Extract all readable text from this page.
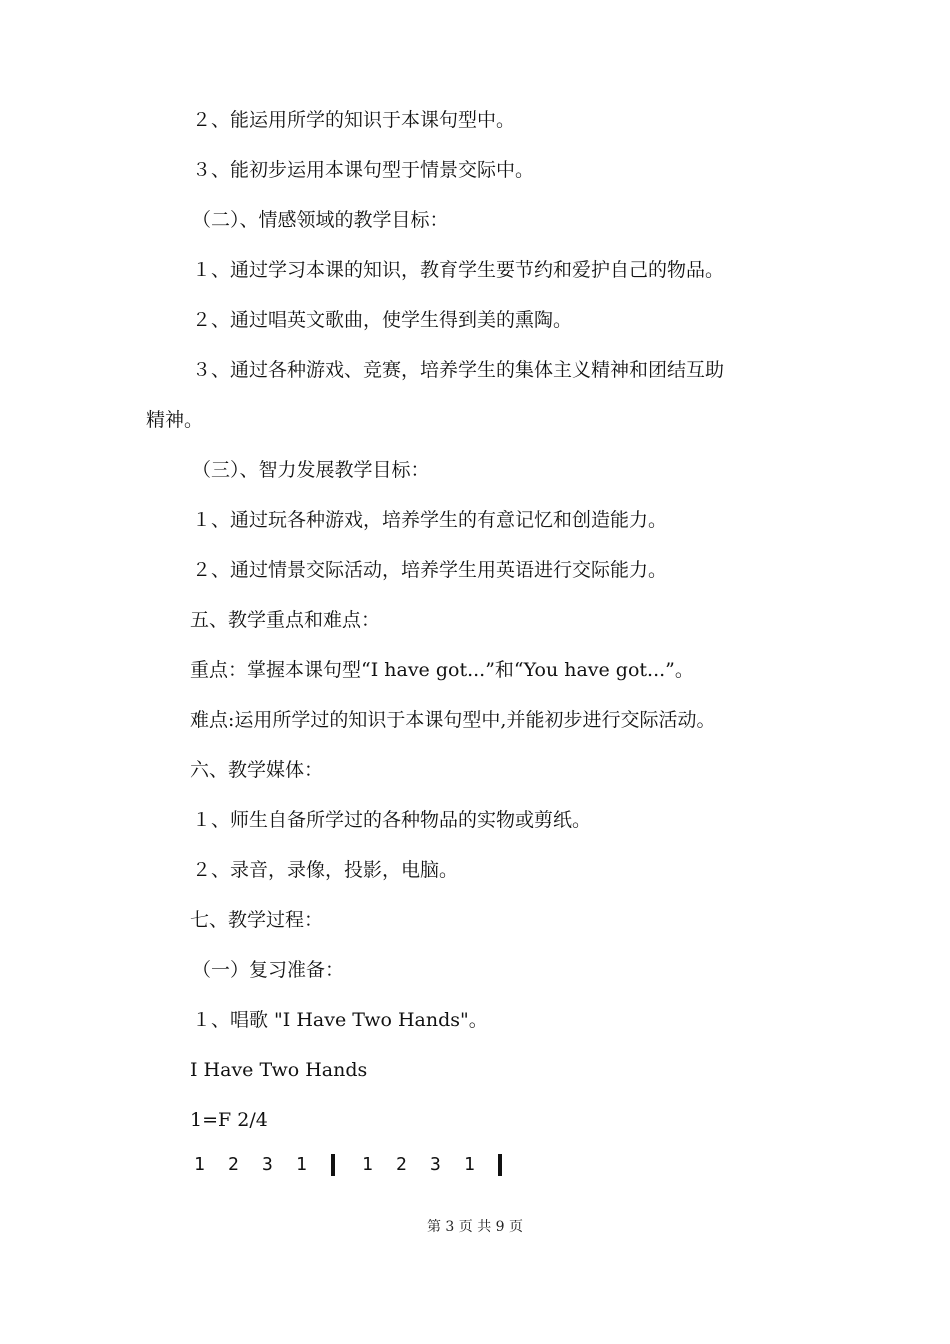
２、能运用所学的知识于本课句型中。
３、能初步运用本课句型于情景交际中。
（二）、情感领域的教学目标：
１、通过学习本课的知识，教育学生要节约和爱护自己的物品。
２、通过唱英文歌曲，使学生得到美的熏陶。
３、通过各种游戏、竞赛，培养学生的集体主义精神和团结互助
精神。
（三）、智力发展教学目标：
１、通过玩各种游戏，培养学生的有意记忆和创造能力。
２、通过情景交际活动，培养学生用英语进行交际能力。
五、教学重点和难点：
重点：掌握本课句型“I have got...”和“You have got...”。
难点:运用所学过的知识于本课句型中,并能初步进行交际活动。
六、教学媒体：
１、师生自备所学过的各种物品的实物或剪纸。
２、录音，录像，投影，电脑。
七、教学过程：
（一）复习准备：
１、唱歌 "I Have Two Hands"。
I Have Two Hands
1=F 2/4
1 2 3 1	1 2 3 1
第 3 页 共 9 页
